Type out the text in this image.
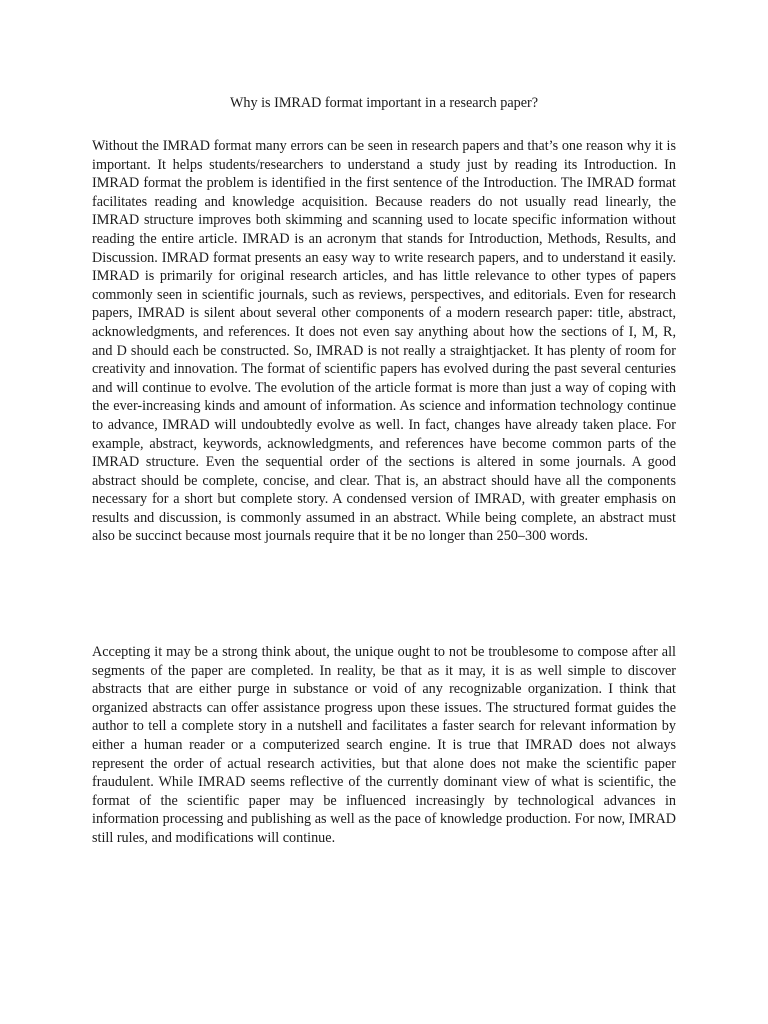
Why is IMRAD format important in a research paper?

Without the IMRAD format many errors can be seen in research papers and that’s one reason why it is important. It helps students/researchers to understand a study just by reading its Introduction. In IMRAD format the problem is identified in the first sentence of the Introduction. The IMRAD format facilitates reading and knowledge acquisition. Because readers do not usually read linearly, the IMRAD structure improves both skimming and scanning used to locate specific information without reading the entire article. IMRAD is an acronym that stands for Introduction, Methods, Results, and Discussion. IMRAD format presents an easy way to write research papers, and to understand it easily. IMRAD is primarily for original research articles, and has little relevance to other types of papers commonly seen in scientific journals, such as reviews, perspectives, and editorials. Even for research papers, IMRAD is silent about several other components of a modern research paper: title, abstract, acknowledgments, and references. It does not even say anything about how the sections of I, M, R, and D should each be constructed. So, IMRAD is not really a straightjacket. It has plenty of room for creativity and innovation. The format of scientific papers has evolved during the past several centuries and will continue to evolve. The evolution of the article format is more than just a way of coping with the ever-increasing kinds and amount of information. As science and information technology continue to advance, IMRAD will undoubtedly evolve as well. In fact, changes have already taken place. For example, abstract, keywords, acknowledgments, and references have become common parts of the IMRAD structure. Even the sequential order of the sections is altered in some journals. A good abstract should be complete, concise, and clear. That is, an abstract should have all the components necessary for a short but complete story. A condensed version of IMRAD, with greater emphasis on results and discussion, is commonly assumed in an abstract. While being complete, an abstract must also be succinct because most journals require that it be no longer than 250–300 words.

Accepting it may be a strong think about, the unique ought to not be troublesome to compose after all segments of the paper are completed. In reality, be that as it may, it is as well simple to discover abstracts that are either purge in substance or void of any recognizable organization. I think that organized abstracts can offer assistance progress upon these issues. The structured format guides the author to tell a complete story in a nutshell and facilitates a faster search for relevant information by either a human reader or a computerized search engine. It is true that IMRAD does not always represent the order of actual research activities, but that alone does not make the scientific paper fraudulent. While IMRAD seems reflective of the currently dominant view of what is scientific, the format of the scientific paper may be influenced increasingly by technological advances in information processing and publishing as well as the pace of knowledge production. For now, IMRAD still rules, and modifications will continue.
